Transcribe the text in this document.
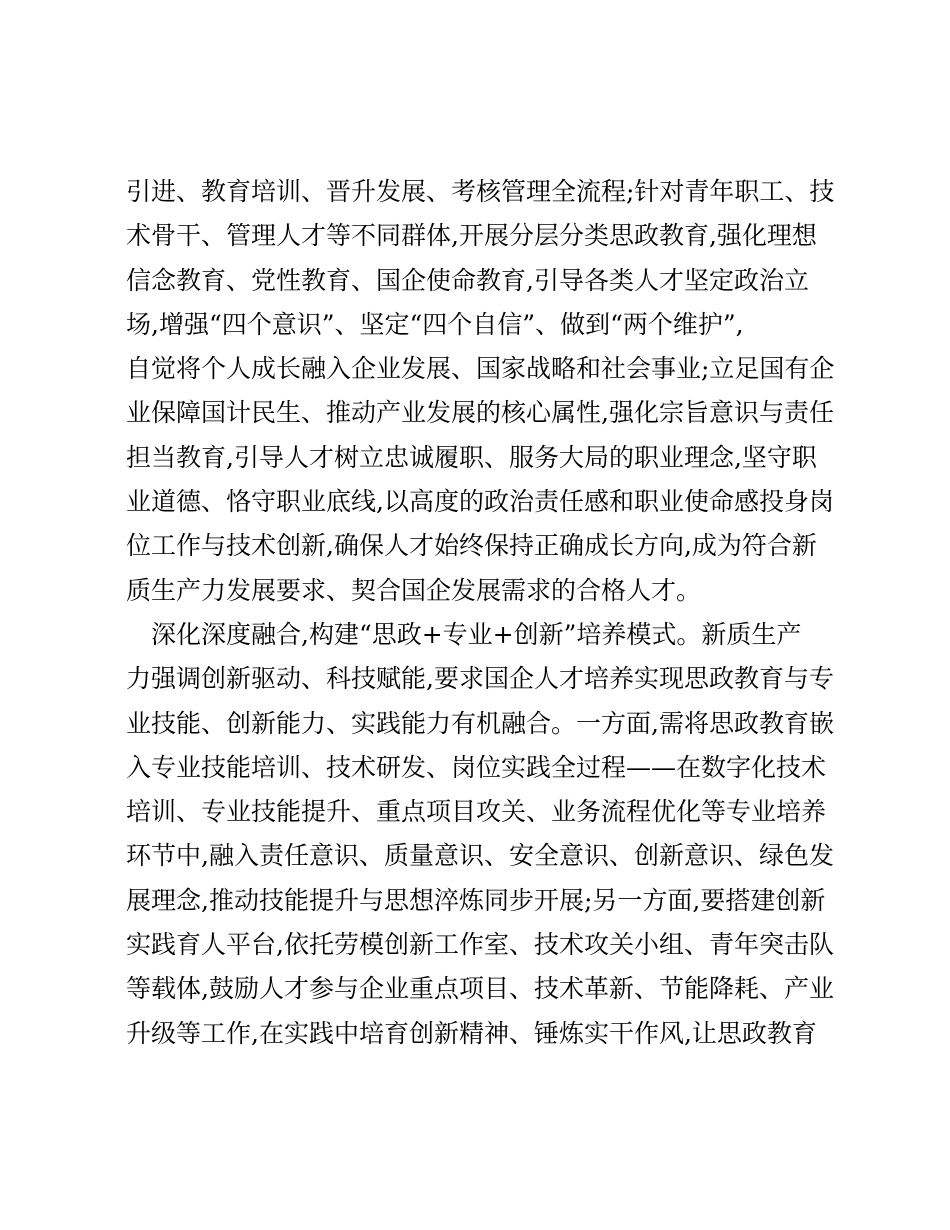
引进、教育培训、晋升发展、考核管理全流程;针对青年职工、技
术骨干、管理人才等不同群体,开展分层分类思政教育,强化理想
信念教育、党性教育、国企使命教育,引导各类人才坚定政治立
场,增强“四个意识”、坚定“四个自信”、做到“两个维护”,
自觉将个人成长融入企业发展、国家战略和社会事业;立足国有企
业保障国计民生、推动产业发展的核心属性,强化宗旨意识与责任
担当教育,引导人才树立忠诚履职、服务大局的职业理念,坚守职
业道德、恪守职业底线,以高度的政治责任感和职业使命感投身岗
位工作与技术创新,确保人才始终保持正确成长方向,成为符合新
质生产力发展要求、契合国企发展需求的合格人才。
　深化深度融合,构建“思政+专业+创新”培养模式。新质生产
力强调创新驱动、科技赋能,要求国企人才培养实现思政教育与专
业技能、创新能力、实践能力有机融合。一方面,需将思政教育嵌
入专业技能培训、技术研发、岗位实践全过程——在数字化技术
培训、专业技能提升、重点项目攻关、业务流程优化等专业培养
环节中,融入责任意识、质量意识、安全意识、创新意识、绿色发
展理念,推动技能提升与思想淬炼同步开展;另一方面,要搭建创新
实践育人平台,依托劳模创新工作室、技术攻关小组、青年突击队
等载体,鼓励人才参与企业重点项目、技术革新、节能降耗、产业
升级等工作,在实践中培育创新精神、锤炼实干作风,让思政教育
